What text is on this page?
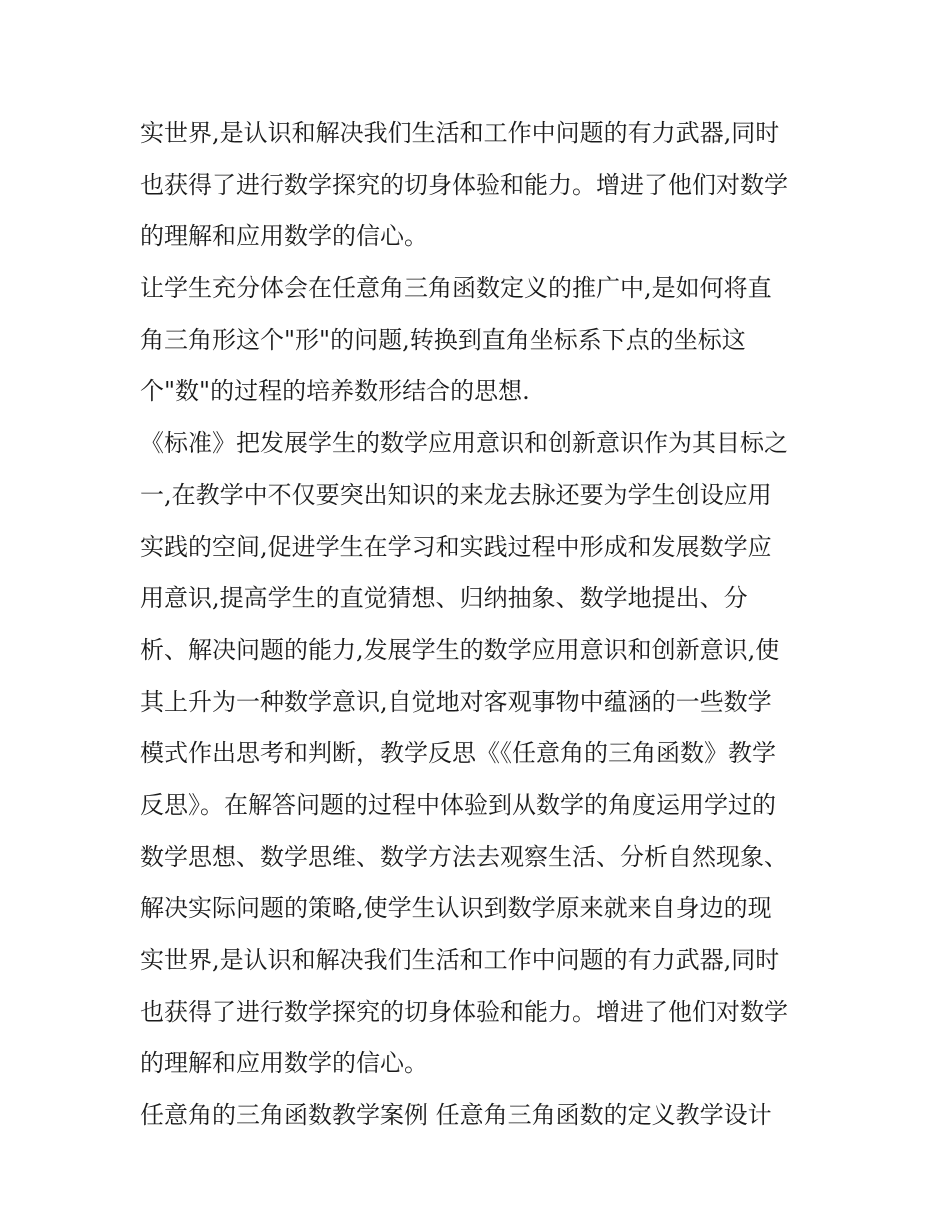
实世界,是认识和解决我们生活和工作中问题的有力武器,同时
也获得了进行数学探究的切身体验和能力。增进了他们对数学
的理解和应用数学的信心。
让学生充分体会在任意角三角函数定义的推广中,是如何将直
角三角形这个"形"的问题,转换到直角坐标系下点的坐标这
个"数"的过程的培养数形结合的思想.
《标准》把发展学生的数学应用意识和创新意识作为其目标之
一,在教学中不仅要突出知识的来龙去脉还要为学生创设应用
实践的空间,促进学生在学习和实践过程中形成和发展数学应
用意识,提高学生的直觉猜想、归纳抽象、数学地提出、分
析、解决问题的能力,发展学生的数学应用意识和创新意识,使
其上升为一种数学意识,自觉地对客观事物中蕴涵的一些数学
模式作出思考和判断，教学反思《《任意角的三角函数》教学
反思》。在解答问题的过程中体验到从数学的角度运用学过的
数学思想、数学思维、数学方法去观察生活、分析自然现象、
解决实际问题的策略,使学生认识到数学原来就来自身边的现
实世界,是认识和解决我们生活和工作中问题的有力武器,同时
也获得了进行数学探究的切身体验和能力。增进了他们对数学
的理解和应用数学的信心。
任意角的三角函数教学案例 任意角三角函数的定义教学设计
